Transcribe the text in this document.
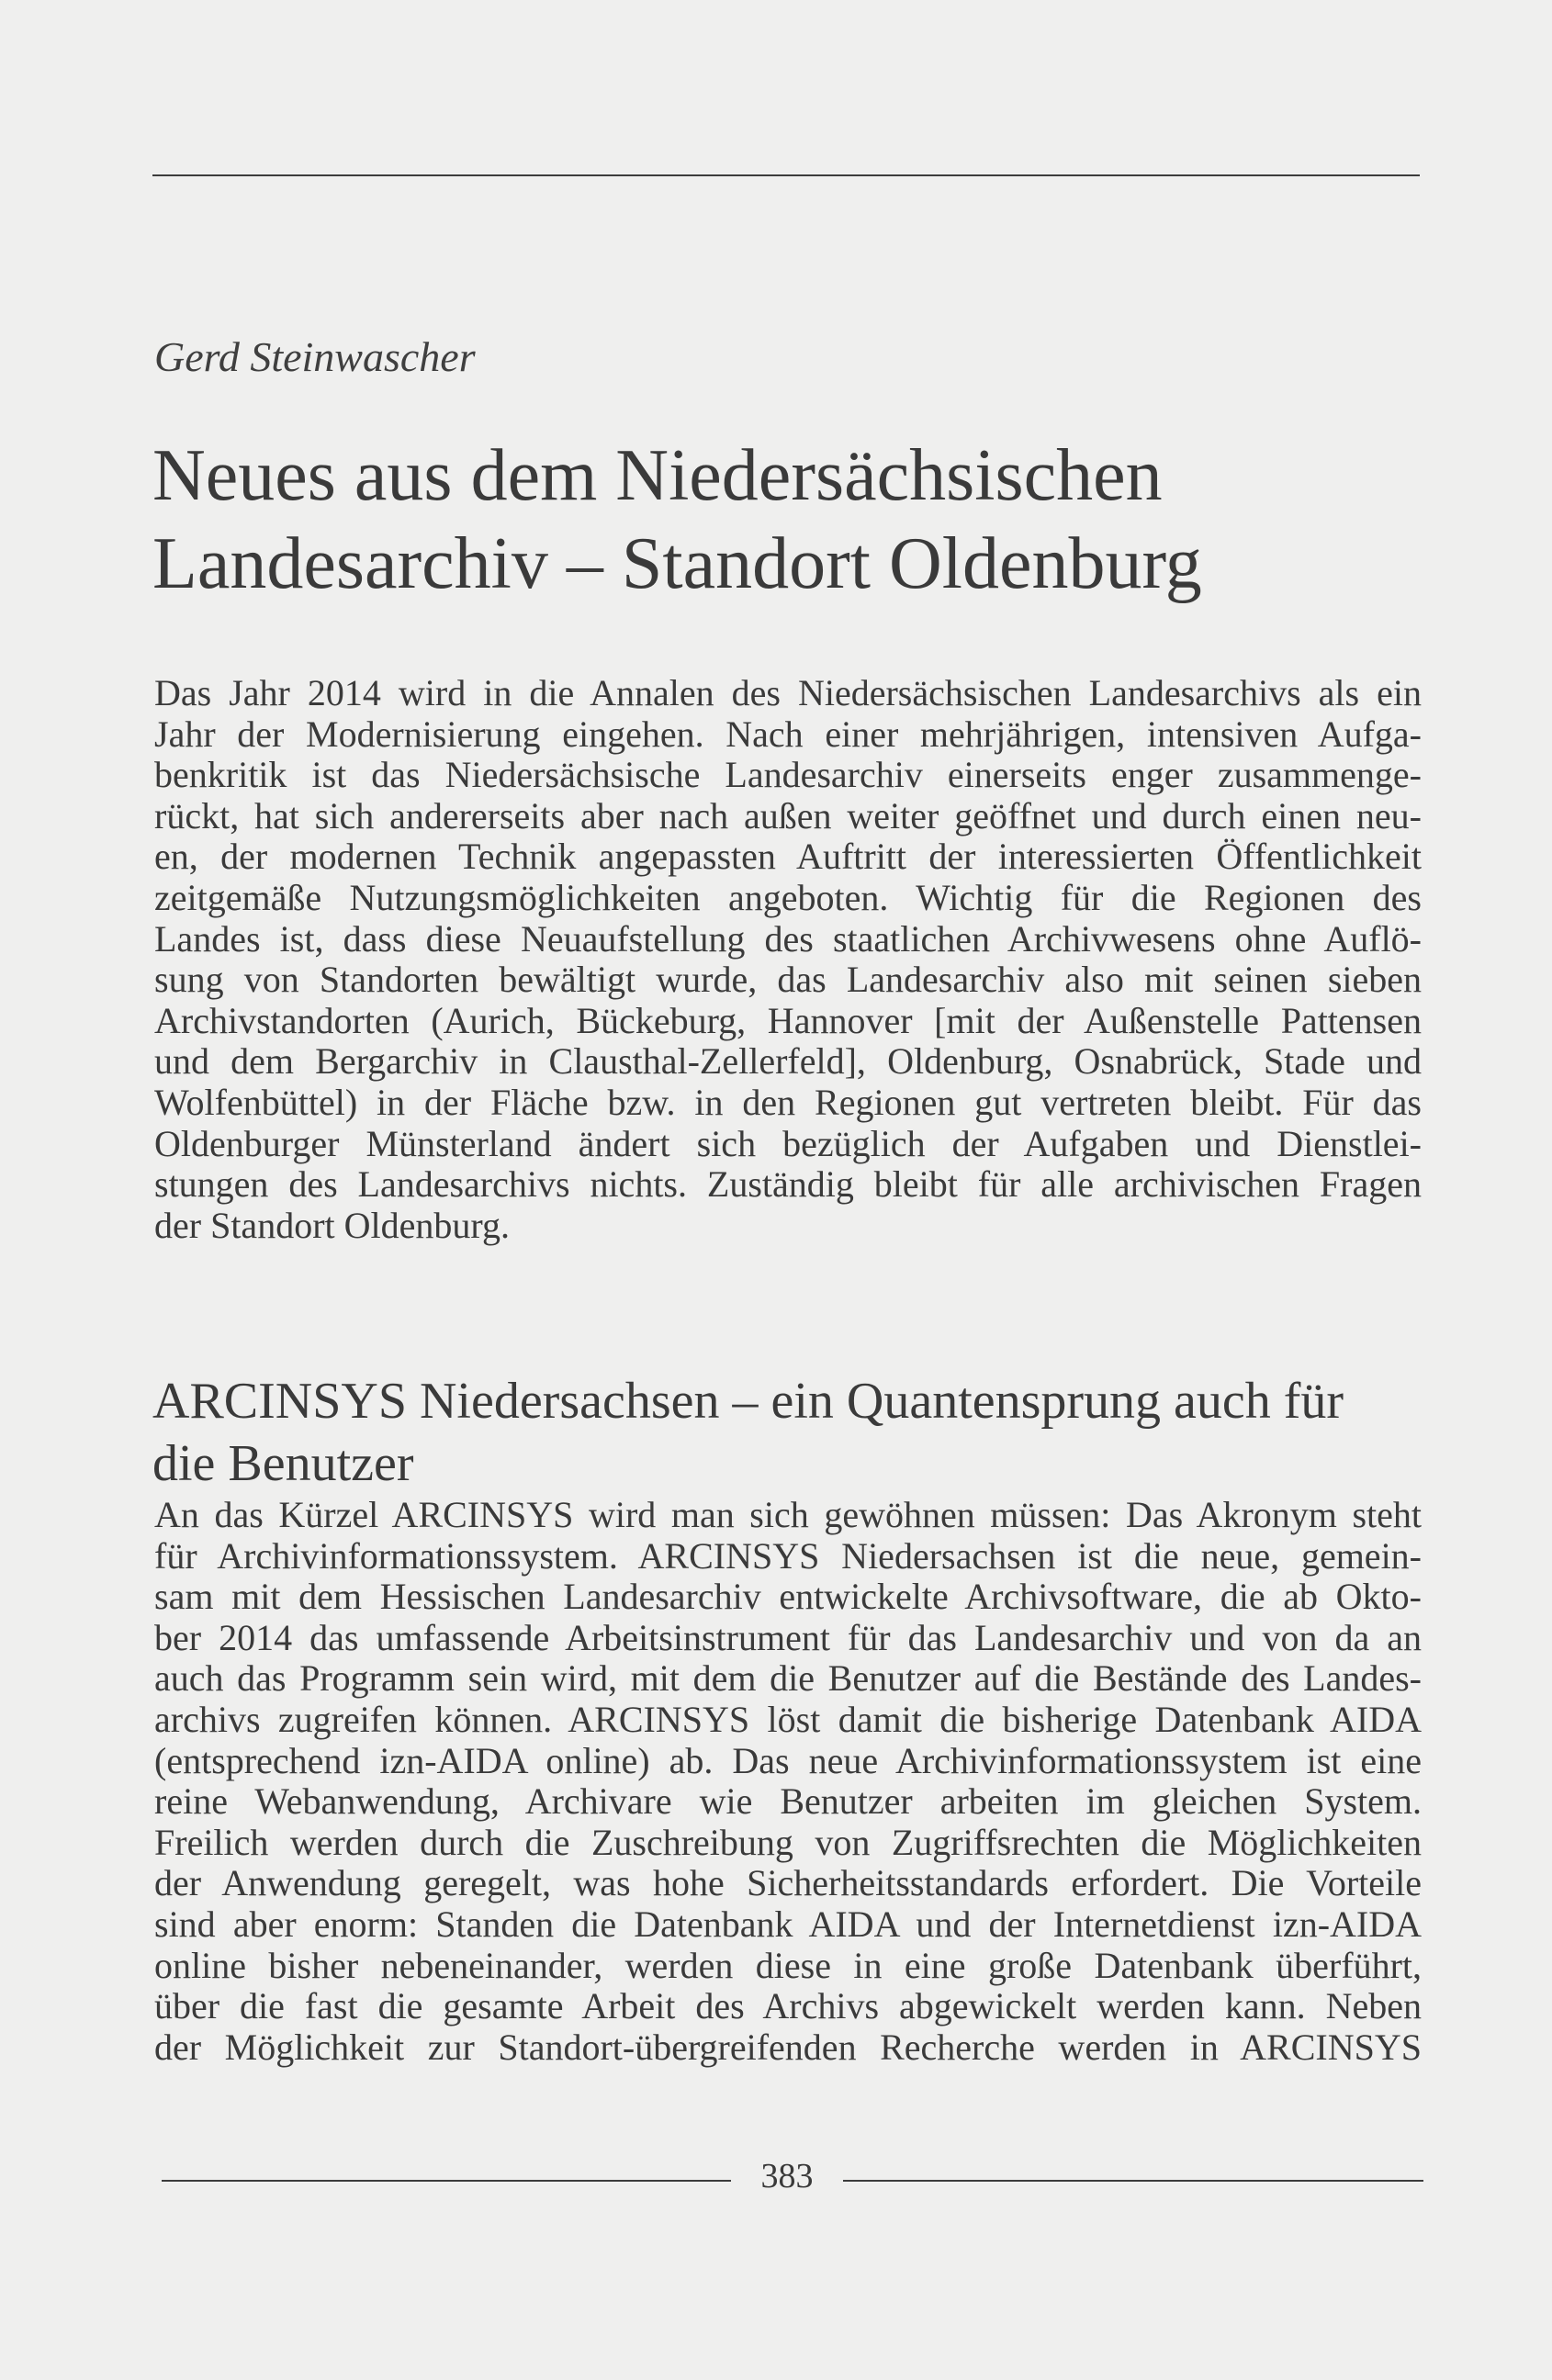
Gerd Steinwascher
Neues aus dem Niedersächsischen
Landesarchiv – Standort Oldenburg
Das Jahr 2014 wird in die Annalen des Niedersächsischen Landesarchivs als ein
Jahr der Modernisierung eingehen. Nach einer mehrjährigen, intensiven Aufga-
benkritik ist das Niedersächsische Landesarchiv einerseits enger zusammenge-
rückt, hat sich andererseits aber nach außen weiter geöffnet und durch einen neu-
en, der modernen Technik angepassten Auftritt der interessierten Öffentlichkeit
zeitgemäße Nutzungsmöglichkeiten angeboten. Wichtig für die Regionen des
Landes ist, dass diese Neuaufstellung des staatlichen Archivwesens ohne Auflö-
sung von Standorten bewältigt wurde, das Landesarchiv also mit seinen sieben
Archivstandorten (Aurich, Bückeburg, Hannover [mit der Außenstelle Pattensen
und dem Bergarchiv in Clausthal-Zellerfeld], Oldenburg, Osnabrück, Stade und
Wolfenbüttel) in der Fläche bzw. in den Regionen gut vertreten bleibt. Für das
Oldenburger Münsterland ändert sich bezüglich der Aufgaben und Dienstlei-
stungen des Landesarchivs nichts. Zuständig bleibt für alle archivischen Fragen
der Standort Oldenburg.
ARCINSYS Niedersachsen – ein Quantensprung auch für
die Benutzer
An das Kürzel ARCINSYS wird man sich gewöhnen müssen: Das Akronym steht
für Archivinformationssystem. ARCINSYS Niedersachsen ist die neue, gemein-
sam mit dem Hessischen Landesarchiv entwickelte Archivsoftware, die ab Okto-
ber 2014 das umfassende Arbeitsinstrument für das Landesarchiv und von da an
auch das Programm sein wird, mit dem die Benutzer auf die Bestände des Landes-
archivs zugreifen können. ARCINSYS löst damit die bisherige Datenbank AIDA
(entsprechend izn-AIDA online) ab. Das neue Archivinformationssystem ist eine
reine Webanwendung, Archivare wie Benutzer arbeiten im gleichen System.
Freilich werden durch die Zuschreibung von Zugriffsrechten die Möglichkeiten
der Anwendung geregelt, was hohe Sicherheitsstandards erfordert. Die Vorteile
sind aber enorm: Standen die Datenbank AIDA und der Internetdienst izn-AIDA
online bisher nebeneinander, werden diese in eine große Datenbank überführt,
über die fast die gesamte Arbeit des Archivs abgewickelt werden kann. Neben
der Möglichkeit zur Standort-übergreifenden Recherche werden in ARCINSYS
383
